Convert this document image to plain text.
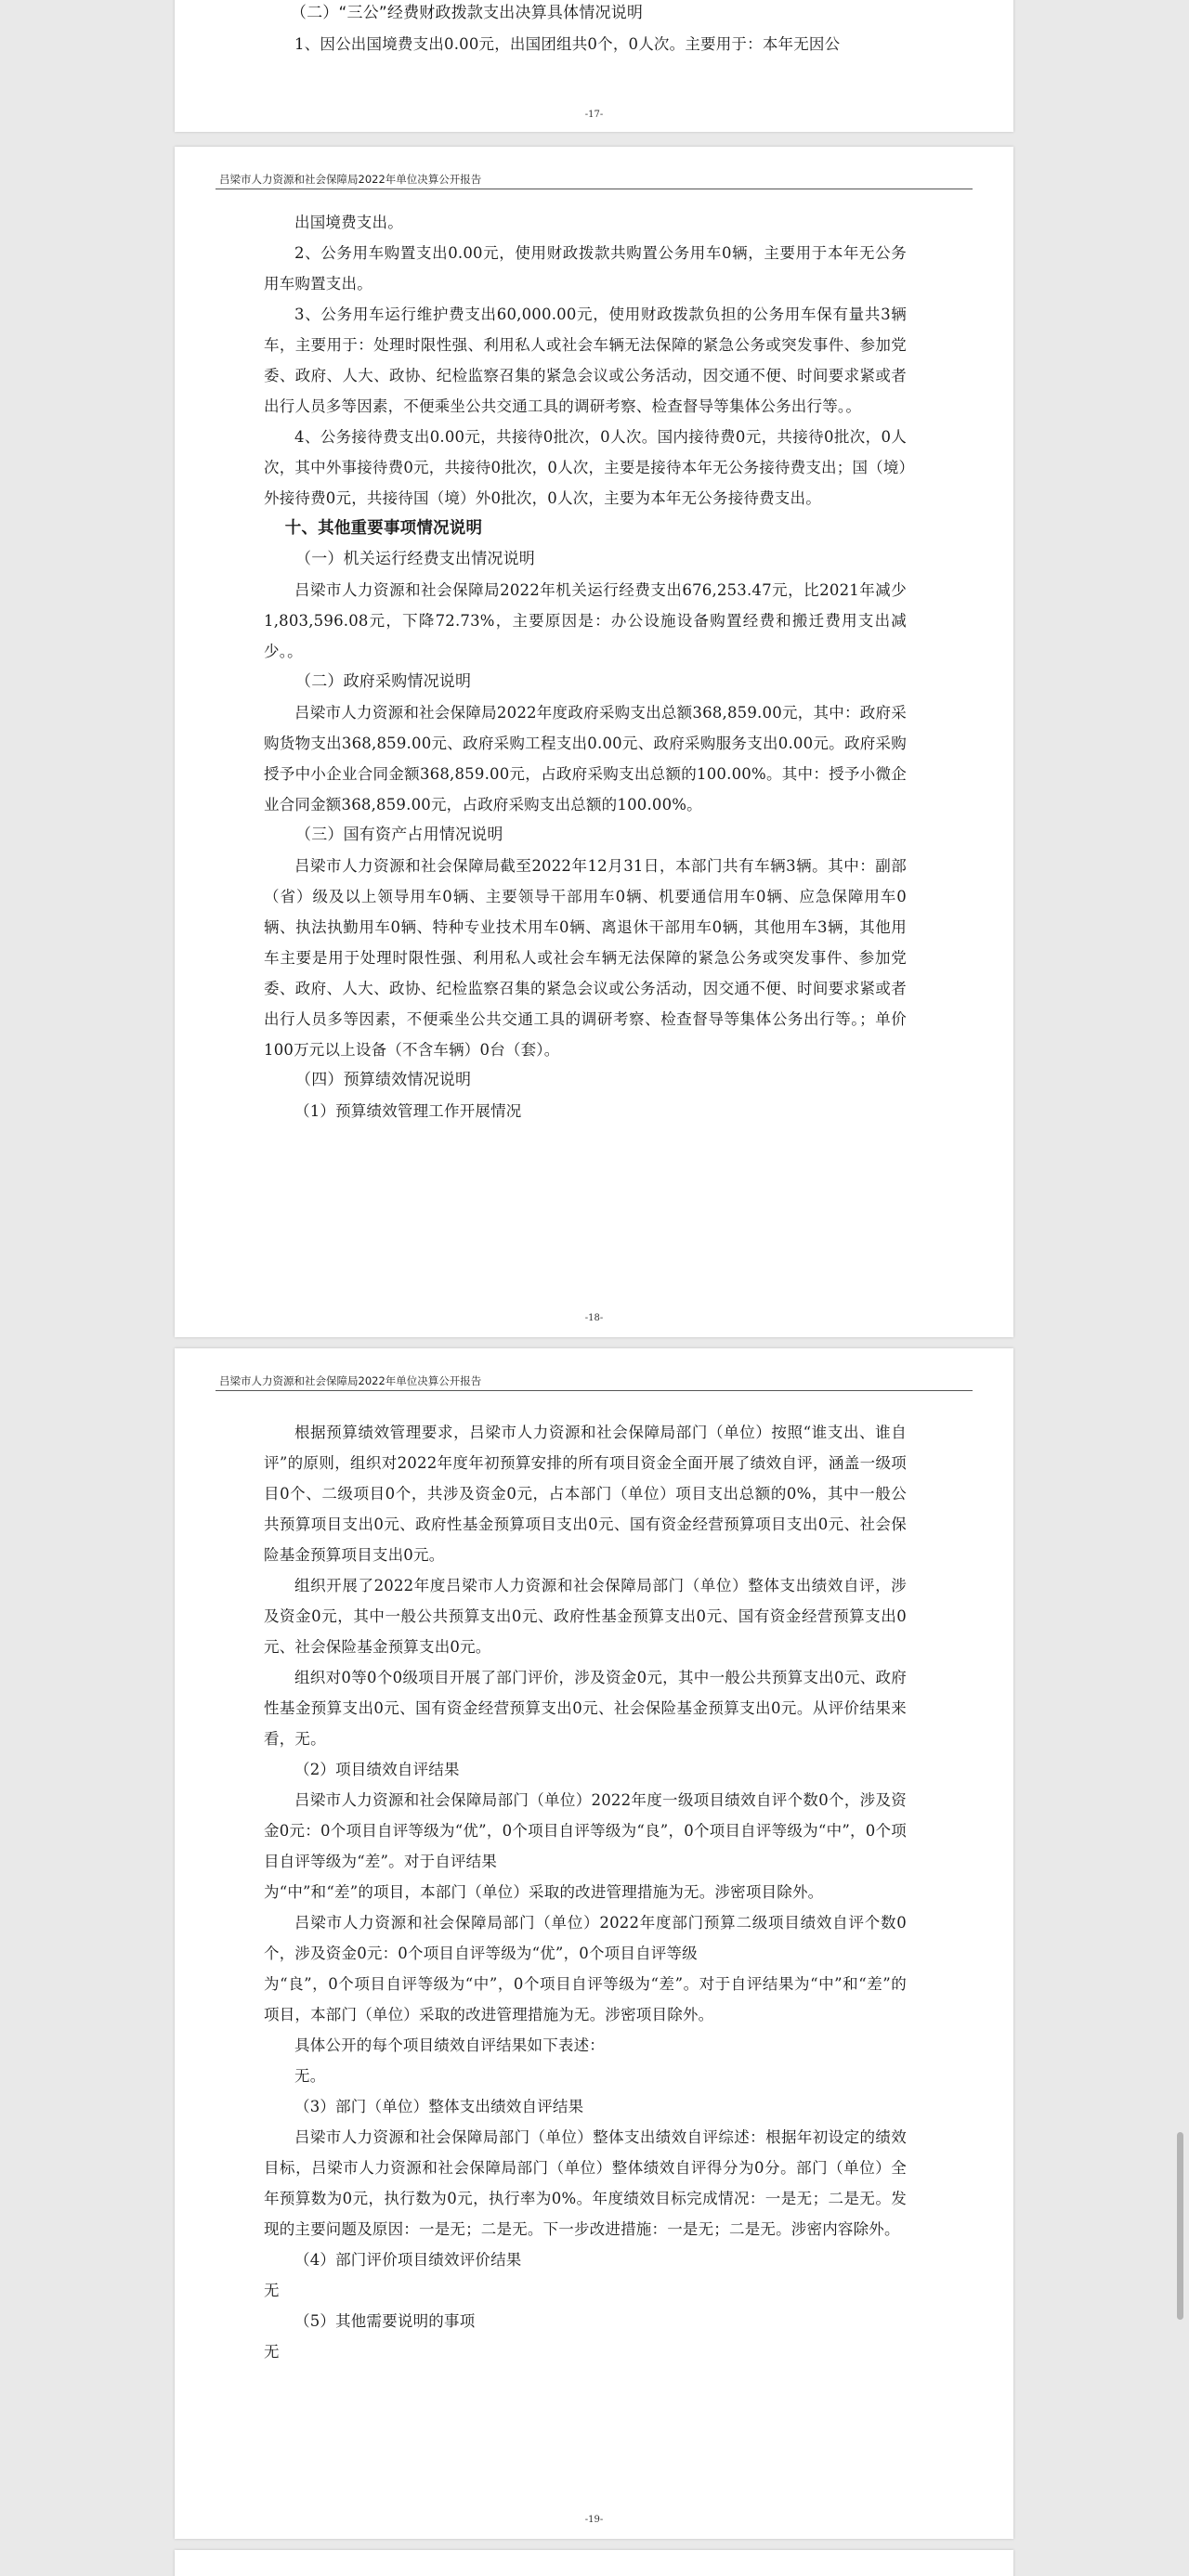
（二）“三公”经费财政拨款支出决算具体情况说明

1、因公出国境费支出0.00元，出国团组共0个，0人次。主要用于：本年无因公

-17-
吕梁市人力资源和社会保障局2022年单位决算公开报告

出国境费支出。

2、公务用车购置支出0.00元，使用财政拨款共购置公务用车0辆，主要用于本年无公务用车购置支出。

3、公务用车运行维护费支出60,000.00元，使用财政拨款负担的公务用车保有量共3辆车，主要用于：处理时限性强、利用私人或社会车辆无法保障的紧急公务或突发事件、参加党委、政府、人大、政协、纪检监察召集的紧急会议或公务活动，因交通不便、时间要求紧或者出行人员多等因素，不便乘坐公共交通工具的调研考察、检查督导等集体公务出行等。。

4、公务接待费支出0.00元，共接待0批次，0人次。国内接待费0元，共接待0批次，0人次，其中外事接待费0元，共接待0批次，0人次，主要是接待本年无公务接待费支出；国（境）外接待费0元，共接待国（境）外0批次，0人次，主要为本年无公务接待费支出。

十、其他重要事项情况说明

（一）机关运行经费支出情况说明

吕梁市人力资源和社会保障局2022年机关运行经费支出676,253.47元，比2021年减少1,803,596.08元，下降72.73%，主要原因是：办公设施设备购置经费和搬迁费用支出减少。。

（二）政府采购情况说明

吕梁市人力资源和社会保障局2022年度政府采购支出总额368,859.00元，其中：政府采购货物支出368,859.00元、政府采购工程支出0.00元、政府采购服务支出0.00元。政府采购授予中小企业合同金额368,859.00元，占政府采购支出总额的100.00%。其中：授予小微企业合同金额368,859.00元，占政府采购支出总额的100.00%。

（三）国有资产占用情况说明

吕梁市人力资源和社会保障局截至2022年12月31日，本部门共有车辆3辆。其中：副部（省）级及以上领导用车0辆、主要领导干部用车0辆、机要通信用车0辆、应急保障用车0辆、执法执勤用车0辆、特种专业技术用车0辆、离退休干部用车0辆，其他用车3辆，其他用车主要是用于处理时限性强、利用私人或社会车辆无法保障的紧急公务或突发事件、参加党委、政府、人大、政协、纪检监察召集的紧急会议或公务活动，因交通不便、时间要求紧或者出行人员多等因素，不便乘坐公共交通工具的调研考察、检查督导等集体公务出行等。；单价100万元以上设备（不含车辆）0台（套）。

（四）预算绩效情况说明

（1）预算绩效管理工作开展情况

-18-
吕梁市人力资源和社会保障局2022年单位决算公开报告

根据预算绩效管理要求，吕梁市人力资源和社会保障局部门（单位）按照“谁支出、谁自评”的原则，组织对2022年度年初预算安排的所有项目资金全面开展了绩效自评，涵盖一级项目0个、二级项目0个，共涉及资金0元，占本部门（单位）项目支出总额的0%，其中一般公共预算项目支出0元、政府性基金预算项目支出0元、国有资金经营预算项目支出0元、社会保险基金预算项目支出0元。

组织开展了2022年度吕梁市人力资源和社会保障局部门（单位）整体支出绩效自评，涉及资金0元，其中一般公共预算支出0元、政府性基金预算支出0元、国有资金经营预算支出0元、社会保险基金预算支出0元。

组织对0等0个0级项目开展了部门评价，涉及资金0元，其中一般公共预算支出0元、政府性基金预算支出0元、国有资金经营预算支出0元、社会保险基金预算支出0元。从评价结果来看，无。

（2）项目绩效自评结果

吕梁市人力资源和社会保障局部门（单位）2022年度一级项目绩效自评个数0个，涉及资金0元：0个项目自评等级为“优”，0个项目自评等级为“良”，0个项目自评等级为“中”，0个项目自评等级为“差”。对于自评结果

为“中”和“差”的项目，本部门（单位）采取的改进管理措施为无。涉密项目除外。

吕梁市人力资源和社会保障局部门（单位）2022年度部门预算二级项目绩效自评个数0个，涉及资金0元：0个项目自评等级为“优”，0个项目自评等级

为“良”，0个项目自评等级为“中”，0个项目自评等级为“差”。对于自评结果为“中”和“差”的项目，本部门（单位）采取的改进管理措施为无。涉密项目除外。

具体公开的每个项目绩效自评结果如下表述：

无。

（3）部门（单位）整体支出绩效自评结果

吕梁市人力资源和社会保障局部门（单位）整体支出绩效自评综述：根据年初设定的绩效目标，吕梁市人力资源和社会保障局部门（单位）整体绩效自评得分为0分。部门（单位）全年预算数为0元，执行数为0元，执行率为0%。年度绩效目标完成情况：一是无；二是无。发现的主要问题及原因：一是无；二是无。下一步改进措施：一是无；二是无。涉密内容除外。

（4）部门评价项目绩效评价结果

无

（5）其他需要说明的事项

无

-19-
